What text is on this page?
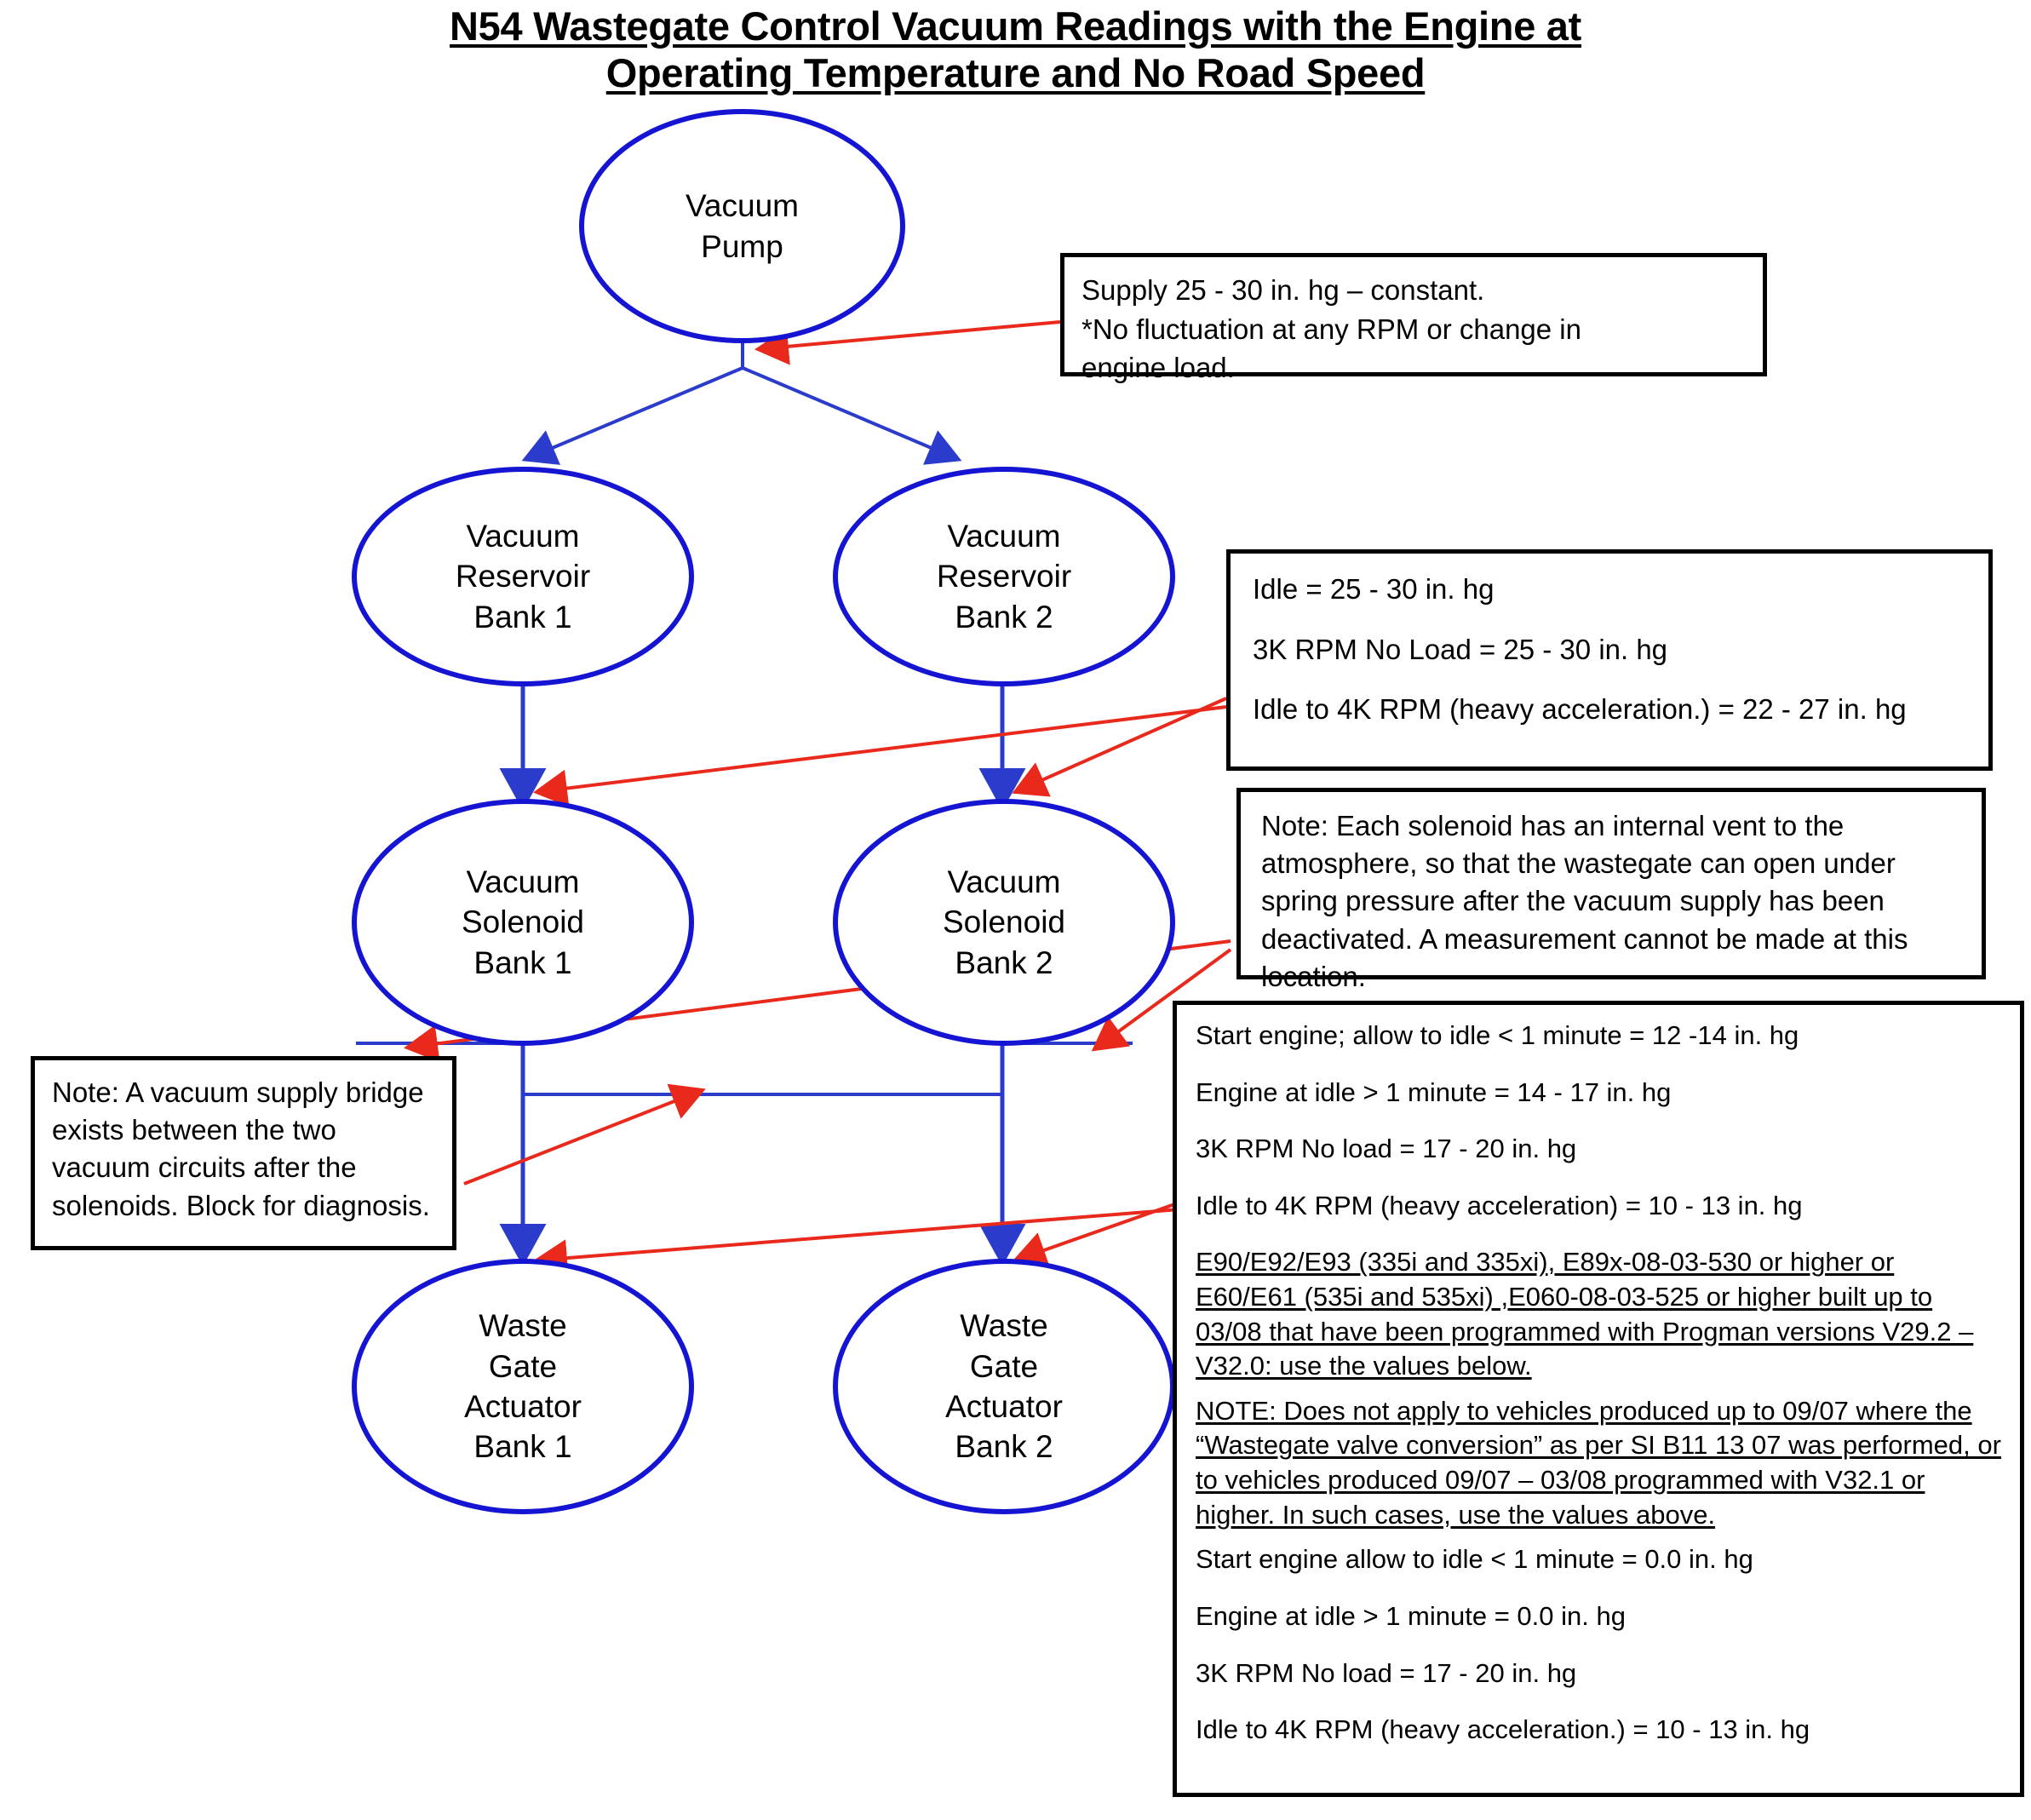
N54 Wastegate Control Vacuum Readings with the Engine at
Operating Temperature and No Road Speed
Vacuum
Pump
Vacuum
Reservoir
Bank 1
Vacuum
Reservoir
Bank 2
Vacuum
Solenoid
Bank 1
Vacuum
Solenoid
Bank 2
Waste
Gate
Actuator
Bank 1
Waste
Gate
Actuator
Bank 2
Supply 25 - 30 in. hg – constant.
*No fluctuation at any RPM or change in
engine load.

Idle = 25 - 30 in. hg

3K RPM No Load = 25 - 30 in. hg

Idle to 4K RPM (heavy acceleration.) = 22 - 27 in. hg

Note: Each solenoid has an internal vent to the atmosphere, so that the wastegate can open under spring pressure after the vacuum supply has been deactivated. A measurement cannot be made at this location.

Note: A vacuum supply bridge exists between the two vacuum circuits after the solenoids. Block for diagnosis.

Start engine; allow to idle < 1 minute = 12 -14 in. hg

Engine at idle > 1 minute = 14 - 17 in. hg

3K RPM No load = 17 - 20 in. hg

Idle to 4K RPM (heavy acceleration) = 10 - 13 in. hg

E90/E92/E93 (335i and 335xi), E89x-08-03-530 or higher or E60/E61 (535i and 535xi) ,E060-08-03-525 or higher built up to 03/08 that have been programmed with Progman versions V29.2 – V32.0: use the values below.

NOTE: Does not apply to vehicles produced up to 09/07 where the “Wastegate valve conversion” as per SI B11 13 07 was performed, or to vehicles produced 09/07 – 03/08 programmed with V32.1 or higher. In such cases, use the values above.

Start engine allow to idle < 1 minute = 0.0 in. hg

Engine at idle > 1 minute = 0.0 in. hg

3K RPM No load = 17 - 20 in. hg

Idle to 4K RPM (heavy acceleration.) = 10 - 13 in. hg
